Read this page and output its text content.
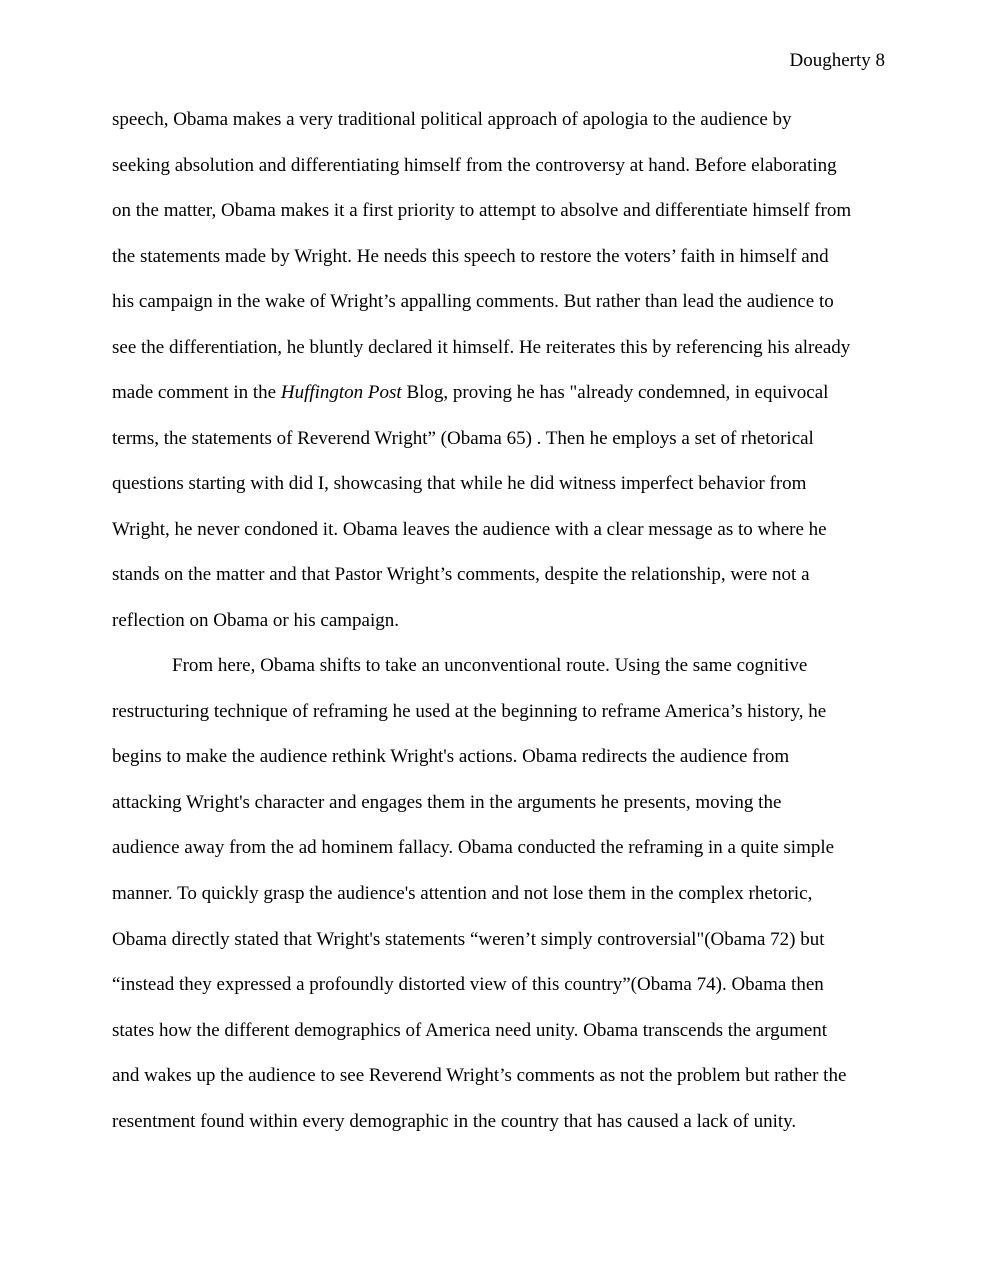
Dougherty 8
speech, Obama makes a very traditional political approach of apologia to the audience by
seeking absolution and differentiating himself from the controversy at hand. Before elaborating
on the matter, Obama makes it a first priority to attempt to absolve and differentiate himself from
the statements made by Wright. He needs this speech to restore the voters’ faith in himself and
his campaign in the wake of Wright’s appalling comments. But rather than lead the audience to
see the differentiation, he bluntly declared it himself. He reiterates this by referencing his already
made comment in the Huffington Post Blog, proving he has "already condemned, in equivocal
terms, the statements of Reverend Wright” (Obama 65) . Then he employs a set of rhetorical
questions starting with did I, showcasing that while he did witness imperfect behavior from
Wright, he never condoned it. Obama leaves the audience with a clear message as to where he
stands on the matter and that Pastor Wright’s comments, despite the relationship, were not a
reflection on Obama or his campaign.
From here, Obama shifts to take an unconventional route. Using the same cognitive
restructuring technique of reframing he used at the beginning to reframe America’s history, he
begins to make the audience rethink Wright's actions. Obama redirects the audience from
attacking Wright's character and engages them in the arguments he presents, moving the
audience away from the ad hominem fallacy. Obama conducted the reframing in a quite simple
manner. To quickly grasp the audience's attention and not lose them in the complex rhetoric,
Obama directly stated that Wright's statements “weren’t simply controversial"(Obama 72) but
“instead they expressed a profoundly distorted view of this country”(Obama 74). Obama then
states how the different demographics of America need unity. Obama transcends the argument
and wakes up the audience to see Reverend Wright’s comments as not the problem but rather the
resentment found within every demographic in the country that has caused a lack of unity.
